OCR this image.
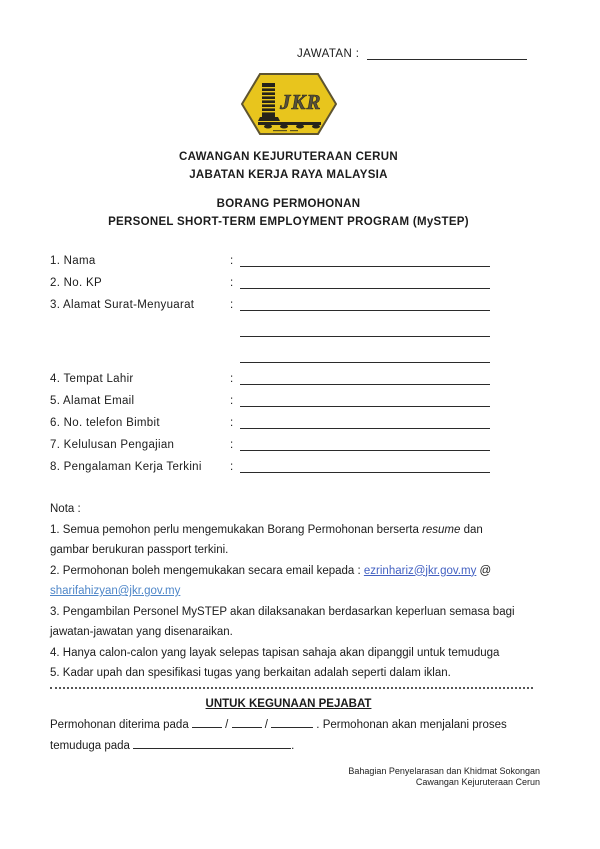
JAWATAN :
JKR
CAWANGAN KEJURUTERAAN CERUN
JABATAN KERJA RAYA MALAYSIA
BORANG PERMOHONAN
PERSONEL SHORT-TERM EMPLOYMENT PROGRAM (MySTEP)
1. Nama	:
2. No. KP	:
3. Alamat Surat-Menyuarat	:
4. Tempat Lahir	:
5. Alamat Email	:
6. No. telefon Bimbit	:
7. Kelulusan Pengajian	:
8. Pengalaman Kerja Terkini	:
Nota :
1. Semua pemohon perlu mengemukakan Borang Permohonan berserta resume dan
gambar berukuran passport terkini.
2. Permohonan boleh mengemukakan secara email kepada : ezrinhariz@jkr.gov.my @
sharifahizyan@jkr.gov.my
3. Pengambilan Personel MySTEP akan dilaksanakan berdasarkan keperluan semasa bagi
jawatan-jawatan yang disenaraikan.
4. Hanya calon-calon yang layak selepas tapisan sahaja akan dipanggil untuk temuduga
5. Kadar upah dan spesifikasi tugas yang berkaitan adalah seperti dalam iklan.
UNTUK KEGUNAAN PEJABAT
Permohonan diterima pada	/	/	. Permohonan akan menjalani proses
temuduga pada	.
Bahagian Penyelarasan dan Khidmat Sokongan
Cawangan Kejuruteraan Cerun
